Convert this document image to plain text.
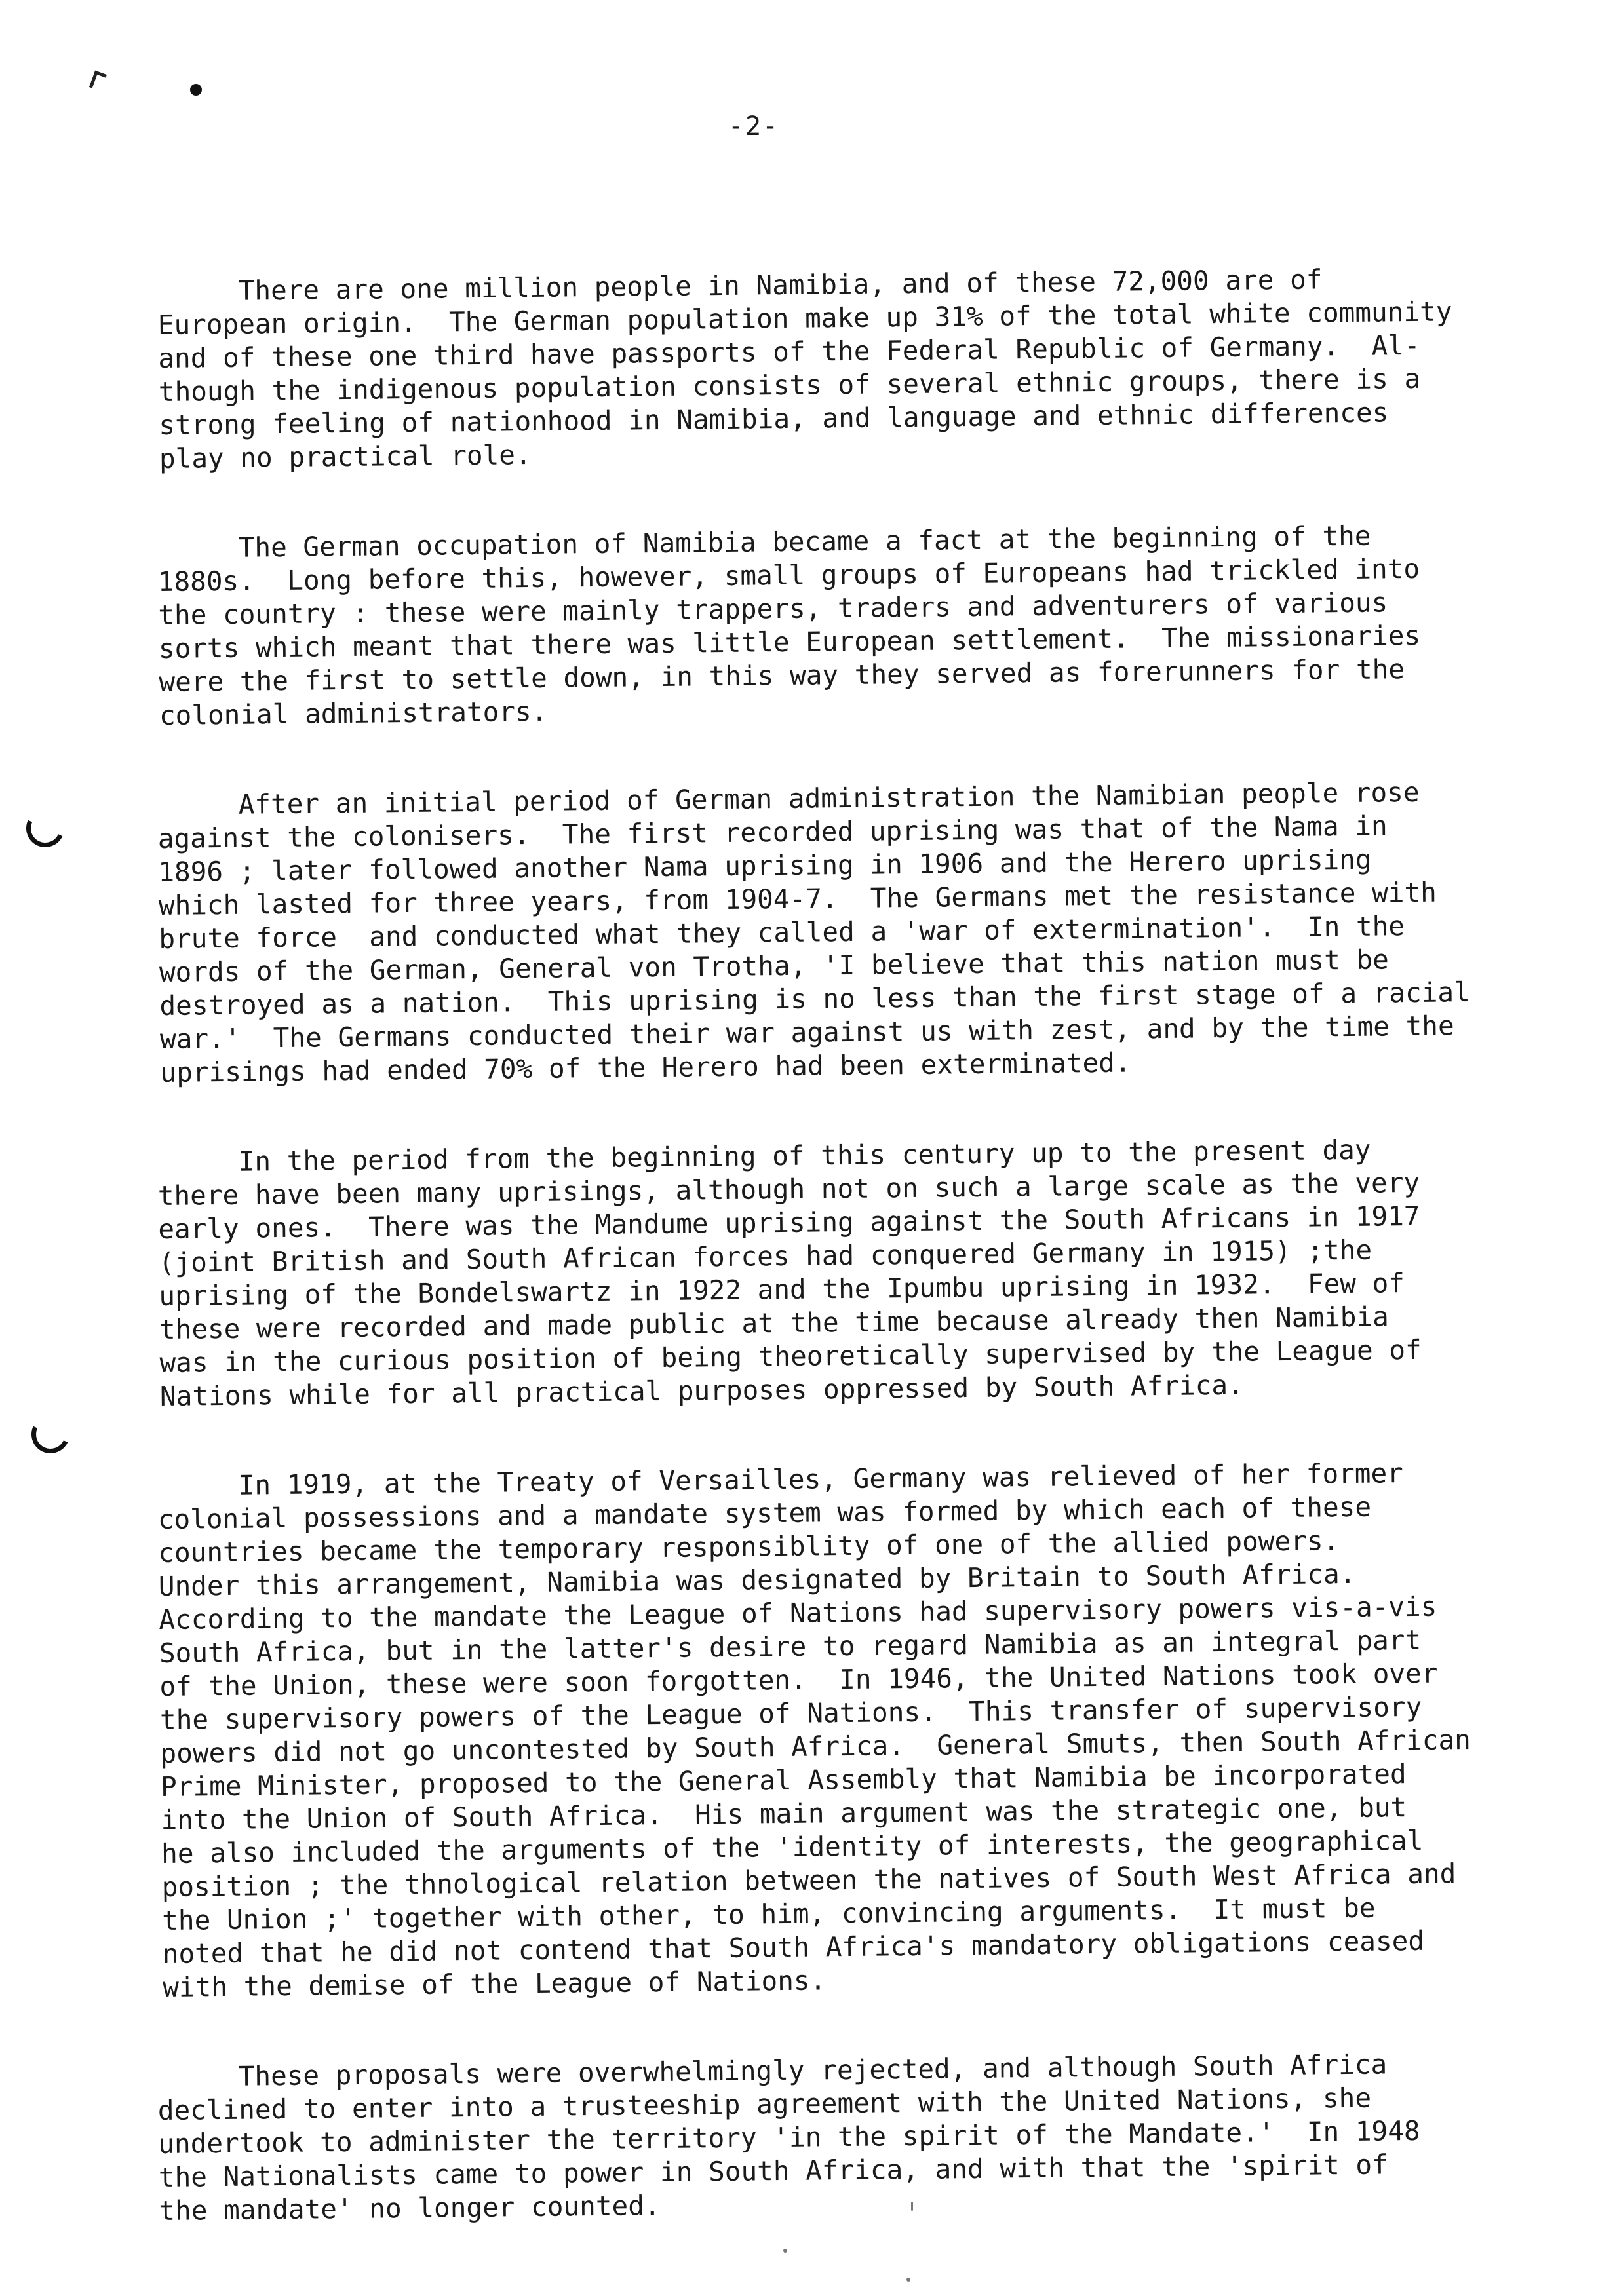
-2-

There are one million people in Namibia, and of these 72,000 are of
European origin.  The German population make up 31% of the total white community
and of these one third have passports of the Federal Republic of Germany.  Al-
though the indigenous population consists of several ethnic groups, there is a
strong feeling of nationhood in Namibia, and language and ethnic differences
play no practical role.

The German occupation of Namibia became a fact at the beginning of the
1880s.  Long before this, however, small groups of Europeans had trickled into
the country : these were mainly trappers, traders and adventurers of various
sorts which meant that there was little European settlement.  The missionaries
were the first to settle down, in this way they served as forerunners for the
colonial administrators.

After an initial period of German administration the Namibian people rose
against the colonisers.  The first recorded uprising was that of the Nama in
1896 ; later followed another Nama uprising in 1906 and the Herero uprising
which lasted for three years, from 1904-7.  The Germans met the resistance with
brute force  and conducted what they called a 'war of extermination'.  In the
words of the German, General von Trotha, 'I believe that this nation must be
destroyed as a nation.  This uprising is no less than the first stage of a racial
war.'  The Germans conducted their war against us with zest, and by the time the
uprisings had ended 70% of the Herero had been exterminated.

In the period from the beginning of this century up to the present day
there have been many uprisings, although not on such a large scale as the very
early ones.  There was the Mandume uprising against the South Africans in 1917
(joint British and South African forces had conquered Germany in 1915) ;the
uprising of the Bondelswartz in 1922 and the Ipumbu uprising in 1932.  Few of
these were recorded and made public at the time because already then Namibia
was in the curious position of being theoretically supervised by the League of
Nations while for all practical purposes oppressed by South Africa.

In 1919, at the Treaty of Versailles, Germany was relieved of her former
colonial possessions and a mandate system was formed by which each of these
countries became the temporary responsiblity of one of the allied powers.
Under this arrangement, Namibia was designated by Britain to South Africa.
According to the mandate the League of Nations had supervisory powers vis-a-vis
South Africa, but in the latter's desire to regard Namibia as an integral part
of the Union, these were soon forgotten.  In 1946, the United Nations took over
the supervisory powers of the League of Nations.  This transfer of supervisory
powers did not go uncontested by South Africa.  General Smuts, then South African
Prime Minister, proposed to the General Assembly that Namibia be incorporated
into the Union of South Africa.  His main argument was the strategic one, but
he also included the arguments of the 'identity of interests, the geographical
position ; the thnological relation between the natives of South West Africa and
the Union ;' together with other, to him, convincing arguments.  It must be
noted that he did not contend that South Africa's mandatory obligations ceased
with the demise of the League of Nations.

These proposals were overwhelmingly rejected, and although South Africa
declined to enter into a trusteeship agreement with the United Nations, she
undertook to administer the territory 'in the spirit of the Mandate.'  In 1948
the Nationalists came to power in South Africa, and with that the 'spirit of
the mandate' no longer counted.
